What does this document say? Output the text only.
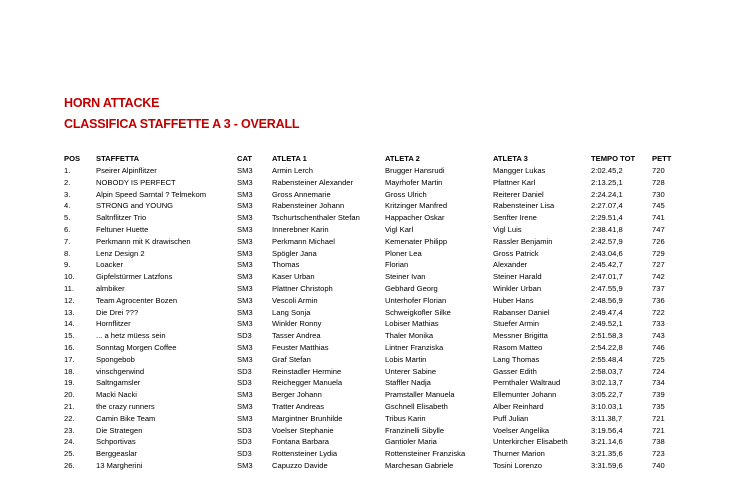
HORN ATTACKE
CLASSIFICA STAFFETTE A 3 - OVERALL
POS STAFFETTA	CAT	ATLETA 1	ATLETA 2	ATLETA 3	TEMPO TOT PETT
1.	Pseirer Alpinflitzer	SM3	Armin Lerch	Brugger Hansrudi	Mangger Lukas	2:02.45,2	720
2.	NOBODY IS PERFECT	SM3	Rabensteiner Alexander	Mayrhofer Martin	Pfattner Karl	2:13.25,1	728
3.	Alpin Speed Sarntal ? Telmekom	SM3	Gross Annemarie	Gross Ulrich	Reiterer Daniel	2:24.24,1	730
4.	STRONG and YOUNG	SM3	Rabensteiner Johann	Kritzinger Manfred	Rabensteiner Lisa	2:27.07,4	745
5.	Saltnflitzer Trio	SM3	Tschurtschenthaler Stefan	Happacher Oskar	Senfter Irene	2:29.51,4	741
6.	Feltuner Huette	SM3	Innerebner Karin	Vigl Karl	Vigl Luis	2:38.41,8	747
7.	Perkmann mit K drawischen	SM3	Perkmann Michael	Kemenater Philipp	Rassler Benjamin	2:42.57,9	726
8.	Lenz Design 2	SM3	Spögler Jana	Ploner Lea	Gross Patrick	2:43.04,6	729
9.	Loacker	SM3	Thomas	Florian	Alexander	2:45.42,7	727
10.	Gipfelstürmer Latzfons	SM3	Kaser Urban	Steiner Ivan	Steiner Harald	2:47.01,7	742
11.	almbiker	SM3	Plattner Christoph	Gebhard Georg	Winkler Urban	2:47.55,9	737
12.	Team Agrocenter Bozen	SM3	Vescoli Armin	Unterhofer Florian	Huber Hans	2:48.56,9	736
13.	Die Drei ???	SM3	Lang Sonja	Schweigkofler Silke	Rabanser Daniel	2:49.47,4	722
14.	Hornflitzer	SM3	Winkler Ronny	Lobiser Mathias	Stuefer Armin	2:49.52,1	733
15.	... a hetz müess sein	SD3	Tasser Andrea	Thaler Monika	Messner Brigitta	2:51.58,3	743
16.	Sonntag Morgen Coffee	SM3	Feuster Matthias	Lintner Franziska	Rasom Matteo	2:54.22,8	746
17.	Spongebob	SM3	Graf Stefan	Lobis Martin	Lang Thomas	2:55.48,4	725
18.	vinschgerwind	SD3	Reinstadler Hermine	Unterer Sabine	Gasser Edith	2:58.03,7	724
19.	Saltngamsler	SD3	Reichegger Manuela	Staffler Nadja	Pernthaler Waltraud	3:02.13,7	734
20.	Macki Nacki	SM3	Berger Johann	Pramstaller Manuela	Ellemunter Johann	3:05.22,7	739
21.	the crazy runners	SM3	Tratter Andreas	Gschnell Elisabeth	Alber Reinhard	3:10.03,1	735
22.	Camin Bike Team	SM3	Margintner Brunhilde	Tribus Karin	Puff Julian	3:11.38,7	721
23.	Die Strategen	SD3	Voelser Stephanie	Franzinelli Sibylle	Voelser Angelika	3:19.56,4	721
24.	Schportivas	SD3	Fontana Barbara	Gantioler Maria	Unterkircher Elisabeth	3:21.14,6	738
25.	Berggeaslar	SD3	Rottensteiner Lydia	Rottensteiner Franziska	Thurner Marion	3:21.35,6	723
26.	13 Margherini	SM3	Capuzzo Davide	Marchesan Gabriele	Tosini Lorenzo	3:31.59,6	740
